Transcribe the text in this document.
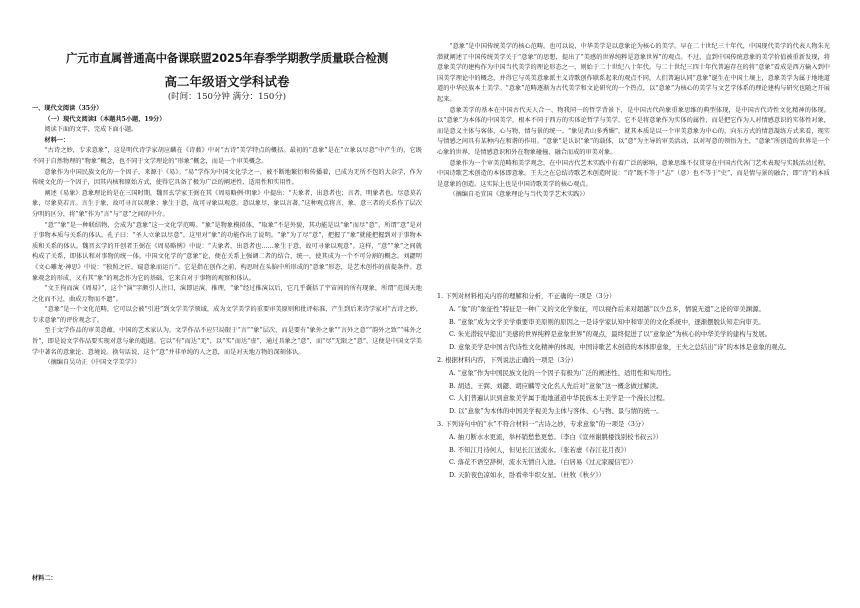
广元市直属普通高中备课联盟2025年春季学期教学质量联合检测
高二年级语文学科试卷
(时间：150分钟 满分：150分)

一、现代文阅读（35分）

（一）现代文阅读Ⅰ（本题共5小题，19分）

阅读下面的文字，完成下面小题。

材料一：

“古诗之妙，专求意象”，这是明代诗学家胡应麟在《诗薮》中对“古诗”美学特点的概括。最初的“意象”是在“立象以尽意”中产生的，它既不同于自然物理的“物象”概念，也不同于文学理论的“形象”概念，而是一个审美概念。

意象作为中国民族文化的一个因子，来源于《易》。“易”学作为中国文化学之一，被不断地繁衍和传播着，已成为无所不包的大杂学，作为传统文化的一个因子，因其内核和原始方式，使得它具备了极为广泛的阐述性、适用性和实用性。

阐述《易象》意象理论的是在三国时期，魏晋玄学家王弼在其《周易略例·明象》中提出：“夫象者，出意者也；言者，明象者也。尽意莫若象，尽象莫若言。言生于象，故可寻言以观象；象生于意，故可寻象以观意。意以象尽，象以言著。”这种观点将言、象、意三者的关系作了层次分明的区分，将“象”作为“言”与“意”之间的中介。

“意”“象”是一种联结物，会成为“意象”这一文化学范畴。“象”是物象模拟体，“取象”不是外貌，其功能是以“象”而尽“意”，所谓“意”是对于事物本质与关系的体认。孔子曰：“圣人立象以尽意”。这里对“象”的功能作出了说明。“象”为了尽“意”，把握了“象”就能把握到对于事物本质和关系的体认。魏晋玄学的开创者王弼在《周易略例》中说：“夫象者，出意者也……象生于意，故可寻象以观意”。这样，“意”“象”之间就构成了关系，即体认和对事物的统一体。中国文化学的“意象”论，便在关系上强调二者的结合、统一，使其成为一个不可分割的概念。刘勰明《文心雕龙·神思》中说：“独照之匠，窥意象而运斤”。它是指在创作之前，构思时在头脑中所形成的“意象”形态，是艺术创作的前提条件。意象观念的形成，又有其“象”的观念作为它的基础，它来自对于事物的观察和体认。

“文王拘而演《周易》”，这个“演”字颇引人注目，演即运演、推理，“象”经过推演以后，它几乎囊括了宇宙间的所有现象，所谓“范围天地之化而不过，曲成万物而不遗”。

“意象”是一个文化范畴，它可以会被“引进”到文学美学领域，成为文学美学的重要审美原则和批评标准，产生到后来诗学家对“古诗之妙，专求意象”的评价观念了。

至于文学作品的审美意蕴，中国的艺术家认为，文学作品不应只局限于“言”“象”层次，而是要有“象外之象”“言外之意”“韵外之致”“味外之旨”，即是说文学作品要实现对意与象的超越。它以“有”而达“无”，以“实”而达“虚”，通过具象之“意”，而“尽”无限之“意”，这便是中国文学美学中著名的意象论、意境说。换句话说，这个“意”并非单纯的人之意，而是对天地万物的深刻体认。

（摘编自吴功正《中国文学美学》）

材料二：

“意象”是中国传统美学的核心范畴。也可以说，中华美学是以意象论为核心的美学。早在二十世纪三十年代，中国现代美学的代表人物朱光潜就阐述了中国传统美学关于“意象”的思想，提出了“美感的世界纯粹是意象世界”的观点。不过，直到中国传统意象的美学价值被重新发现，将意象美学的建构作为中国当代美学的理论形态之一，则始于二十世纪八十年代。与二十世纪三四十年代普遍存在的将“意象”看成是西方输入到中国美学理论中的概念，并得它与英美意象派主义诗歌创作联系起来的观点不同，人们普遍认同“意象”诞生在中国土壤上，意象美学为属于地地道道的中华民族本土美学。“意象”范畴逐渐为古代美学和文论研究的一个热点，以“意象”为核心的美学与文艺学体系的理论建构与研究也随之开展起来。

意象美学的基本在中国古代天人合一、物我同一的哲学背景下，是中国古代尚象重象思维的典型体现，是中国古代诗性文化精神的体现。以“意象”为本体的中国美学，根本不同于西方的实体论哲学与美学，它不是将意象作为实体的属性，而是把它作为人对情感意识的实体性对象，而是意义主体与客体、心与物、情与景的统一。“象见者山多秀媚”，就其本质是以一个审美意象为中心的，向东方式的情意凝练方式来看，现实与情感之间具有某种内在和谐的作用。“意象”是认识“象”的载体，以“意”为主导的审美活动，以对写意的领悟为主，“意象”所创造的世界是一个心象的世界，是情感意识和外在物象碰撞、融合而成的审美对象。

意象作为一个审美范畴和美学观念，在中国古代艺术实践中有着广泛的影响，意象思维不仅贯穿在中国古代各门艺术表现与实践活动过程，中国诗歌艺术创造的本体即意象。王夫之在总结诗歌艺术创造时说：“诗”既不等于“志”（意）也不等于“史”，而是情与景的融合，即“诗”的本质是意象的创造。这实际上也是中国诗歌美学的核心观点。

（摘编自毛宜国《意象理论与当代美学艺术实践》）

1. 下列对材料相关内容的理解和分析，不正确的一项是（3分）

A. “象”的“象征性”特征是一种广义的文化学象征，可以视作后来对超越“以少总多，情貌无遗”之论的审美渊源。

B. “意象”成为文学美学重要审美原则的原因之一是诗学家认知中和审美的文化系统中，逐渐摆脱认知走向审美。

C. 朱光潜较早提出“美感的世界纯粹是意象世界”的观点，最终促进了以“意象论”为核心的中华美学的建构与发展。

D. 意象美学是中国古代诗性文化精神的体现，中国诗歌艺术创造的本体即意象，王夫之总结出“诗”的本体是意象的观点。

2. 根据材料内容，下列说法正确的一项是（3分）

A. “意象”作为中国民族文化的一个因子有极为广泛的阐述性、适用性和实用性。

B. 胡适、王弼、刘勰、胡应麟等文化名人先后对“意象”这一概念做过解读。

C. 人们普遍认识到意象美学属于地地道道中华民族本土美学是一个漫长过程。

D. 以“意象”为本体的中国美学视美为主体与客体、心与物、景与情的统一。

3. 下列诗句中的“水”不符合材料一“古诗之妙，专求意象”的一项是（3分）

A. 抽刀断水水更流，举杯销愁愁更愁。（李白《宣州谢朓楼饯别校书叔云》）

B. 不知江月待何人，但见长江送流水。（张若虚《春江花月夜》）

C. 落花不语空辞树，流水无情自入池。（白居易《过元家履信宅》）

D. 天阶夜色凉如水，卧看牵牛织女星。（杜牧《秋夕》）
